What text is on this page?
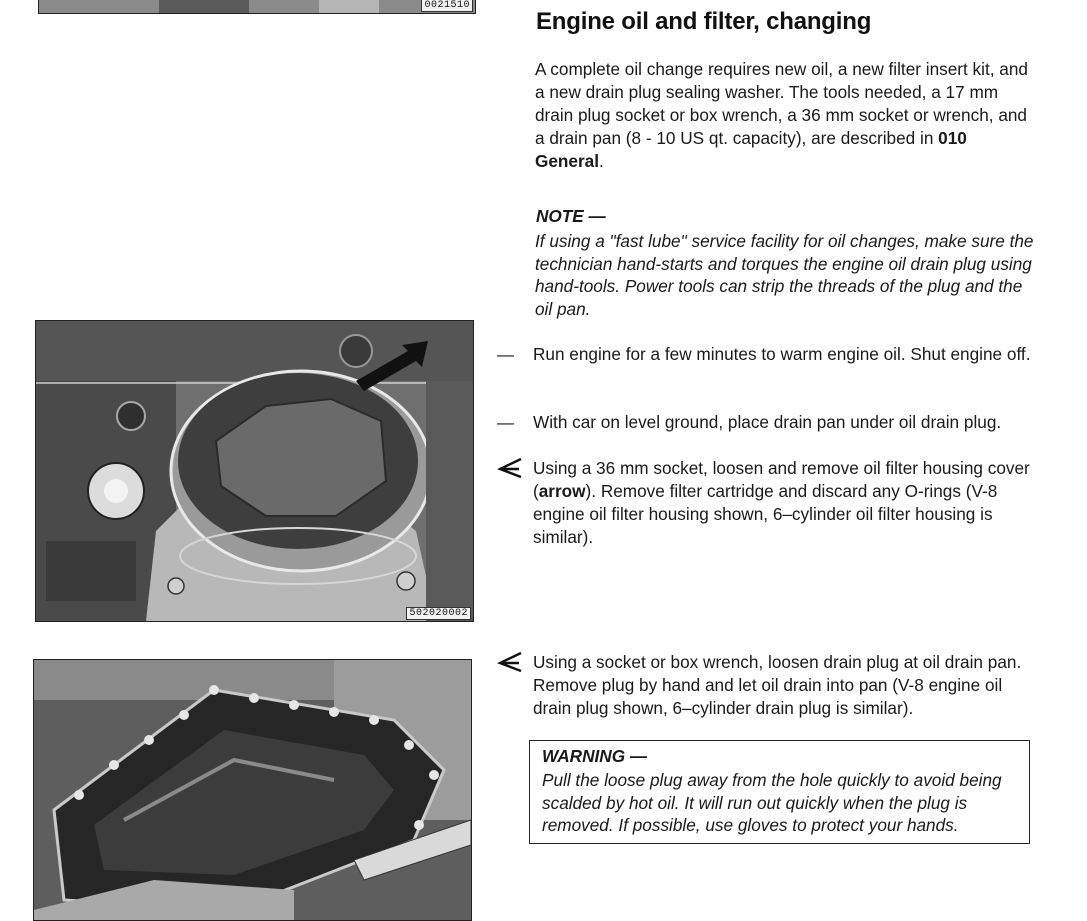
0021510
502020002
Engine oil and filter, changing

A complete oil change requires new oil, a new filter insert kit, and a new drain plug sealing washer. The tools needed, a 17 mm drain plug socket or box wrench, a 36 mm socket or wrench, and a drain pan (8 - 10 US qt. capacity), are described in 010 General.

NOTE —

If using a "fast lube" service facility for oil changes, make sure the technician hand-starts and torques the engine oil drain plug using hand-tools. Power tools can strip the threads of the plug and the oil pan.

—	Run engine for a few minutes to warm engine oil. Shut engine off.

—	With car on level ground, place drain pan under oil drain plug.

Using a 36 mm socket, loosen and remove oil filter housing cover (arrow). Remove filter cartridge and discard any O-rings (V-8 engine oil filter housing shown, 6–cylinder oil filter housing is similar).

Using a socket or box wrench, loosen drain plug at oil drain pan. Remove plug by hand and let oil drain into pan (V-8 engine oil drain plug shown, 6–cylinder drain plug is similar).

WARNING —

Pull the loose plug away from the hole quickly to avoid being scalded by hot oil. It will run out quickly when the plug is removed. If possible, use gloves to protect your hands.
